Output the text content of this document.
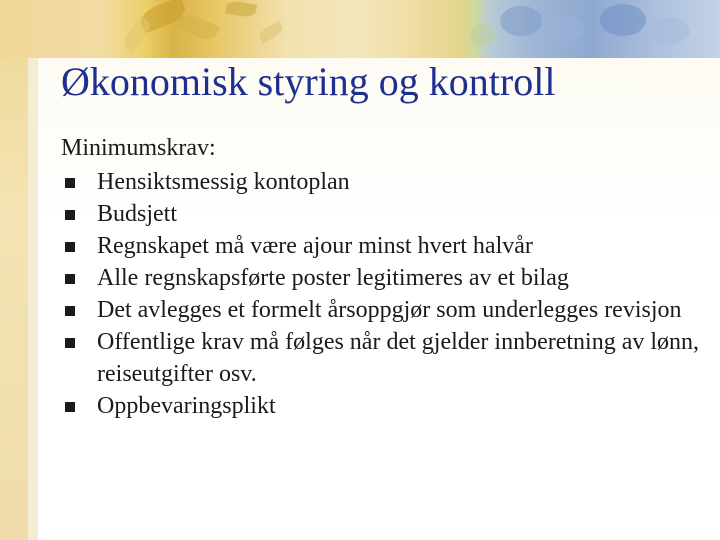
Økonomisk styring og kontroll

Minimumskrav:

Hensiktsmessig kontoplan
Budsjett
Regnskapet må være ajour minst hvert halvår
Alle regnskapsførte poster legitimeres av et bilag
Det avlegges et formelt årsoppgjør som underlegges revisjon
Offentlige krav må følges når det gjelder innberetning av lønn, reiseutgifter osv.
Oppbevaringsplikt
